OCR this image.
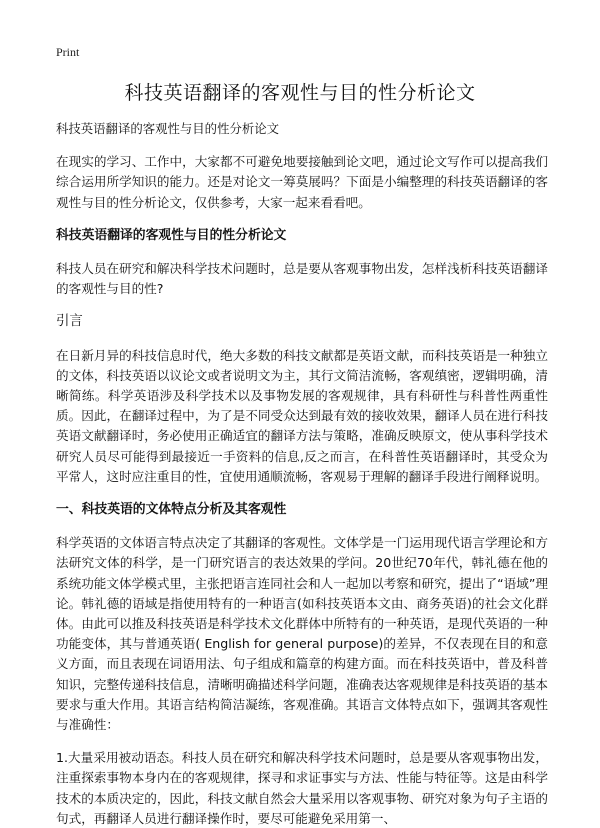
Print
科技英语翻译的客观性与目的性分析论文

科技英语翻译的客观性与目的性分析论文

在现实的学习、工作中，大家都不可避免地要接触到论文吧，通过论文写作可以提高我们综合运用所学知识的能力。还是对论文一筹莫展吗？下面是小编整理的科技英语翻译的客观性与目的性分析论文，仅供参考，大家一起来看看吧。

科技英语翻译的客观性与目的性分析论文

科技人员在研究和解决科学技术问题时，总是要从客观事物出发，怎样浅析科技英语翻译的客观性与目的性?

引言

在日新月异的科技信息时代，绝大多数的科技文献都是英语文献，而科技英语是一种独立的文体，科技英语以议论文或者说明文为主，其行文简洁流畅，客观缜密，逻辑明确，清晰简练。科学英语涉及科学技术以及事物发展的客观规律，具有科研性与科普性两重性质。因此，在翻译过程中，为了是不同受众达到最有效的接收效果，翻译人员在进行科技英语文献翻译时，务必使用正确适宜的翻译方法与策略，准确反映原文，使从事科学技术研究人员尽可能得到最接近一手资料的信息,反之而言，在科普性英语翻译时，其受众为平常人，这时应注重目的性，宜使用通顺流畅，客观易于理解的翻译手段进行阐释说明。

一、科技英语的文体特点分析及其客观性

科学英语的文体语言特点决定了其翻译的客观性。文体学是一门运用现代语言学理论和方法研究文体的科学，是一门研究语言的表达效果的学问。20世纪70年代，韩礼德在他的系统功能文体学模式里，主张把语言连同社会和人一起加以考察和研究，提出了“语域”理论。韩礼德的语域是指使用特有的一种语言(如科技英语本文由、商务英语)的社会文化群体。由此可以推及科技英语是科学技术文化群体中所特有的一种英语，是现代英语的一种功能变体，其与普通英语( English for general purpose)的差异，不仅表现在目的和意义方面，而且表现在词语用法、句子组成和篇章的构建方面。而在科技英语中，普及科普知识，完整传递科技信息，清晰明确描述科学问题，准确表达客观规律是科技英语的基本要求与重大作用。其语言结构简洁凝练，客观准确。其语言文体特点如下，强调其客观性与准确性：

1.大量采用被动语态。科技人员在研究和解决科学技术问题时，总是要从客观事物出发，注重探索事物本身内在的客观规律，探寻和求证事实与方法、性能与特征等。这是由科学技术的本质决定的，因此，科技文献自然会大量采用以客观事物、研究对象为句子主语的句式，再翻译人员进行翻译操作时，要尽可能避免采用第一、
